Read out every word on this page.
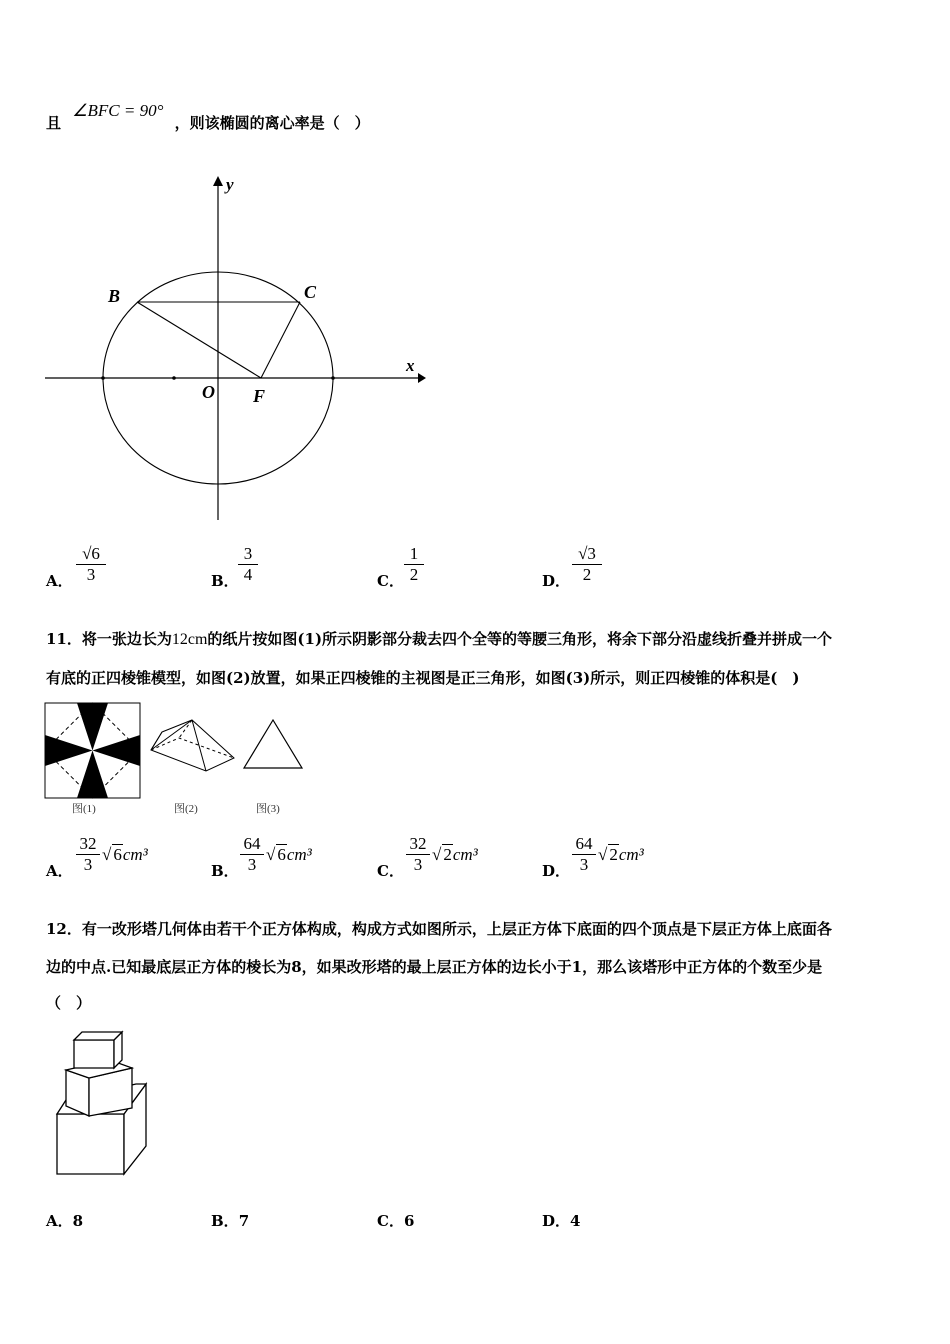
且 ∠BFC = 90° ，则该椭圆的离心率是（　）
x
y
O
B	C
F
A． $\frac{√6}{3}$	B． $\frac{3}{4}$	C． $\frac{1}{2}$	D． $\frac{√3}{2}$
11．将一张边长为12cm的纸片按如图(1)所示阴影部分裁去四个全等的等腰三角形，将余下部分沿虚线折叠并拼成一个
有底的正四棱锥模型，如图(2)放置，如果正四棱锥的主视图是正三角形，如图(3)所示，则正四棱锥的体积是(　)
图(1)	图(2)	图(3)
A． $\frac{32}{3}$ √ 6cm³
B． $\frac{64}{3}$ √ 6cm³
C． $\frac{32}{3}$ √ 2cm³
D． $\frac{64}{3}$ √ 2cm³
12．有一改形塔几何体由若干个正方体构成，构成方式如图所示，上层正方体下底面的四个顶点是下层正方体上底面各
边的中点.已知最底层正方体的棱长为8，如果改形塔的最上层正方体的边长小于1，那么该塔形中正方体的个数至少是
（　）
A．8	B．7	C．6	D．4
